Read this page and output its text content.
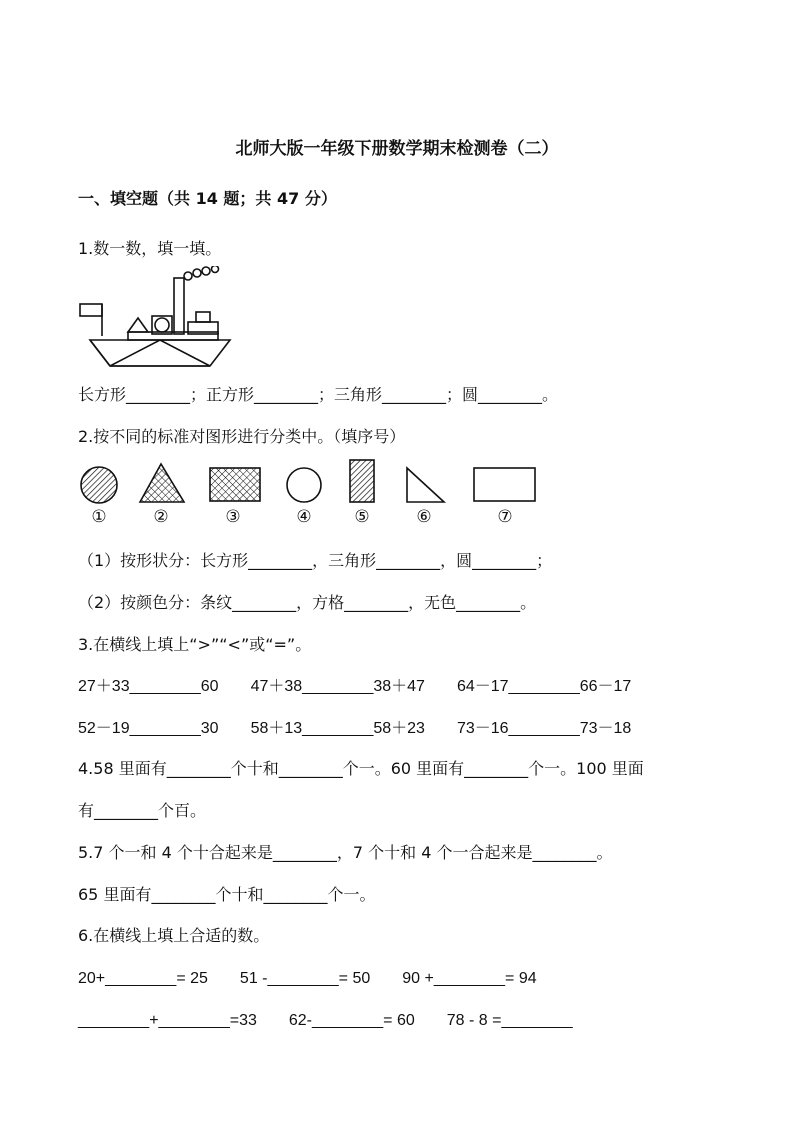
北师大版一年级下册数学期末检测卷（二）
一、填空题（共 14 题；共 47 分）
1.数一数，填一填。
长方形________；正方形________；三角形________；圆________。
2.按不同的标准对图形进行分类中。（填序号）
①	②	③	④	⑤	⑥	⑦
（1）按形状分：长方形________，三角形________，圆________；
（2）按颜色分：条纹________，方格________，无色________。
3.在横线上填上“>”“<”或“=”。
27＋33________60　　47＋38________38＋47　　64－17________66－17
52－19________30　　58＋13________58＋23　　73－16________73－18
4.58 里面有________个十和________个一。60 里面有________个一。100 里面
有________个百。
5.7 个一和 4 个十合起来是________，7 个十和 4 个一合起来是________。
65 里面有________个十和________个一。
6.在横线上填上合适的数。
20+________= 25　　51 -________= 50　　90 +________= 94
________+________=33　　62-________= 60　　78 - 8 =________
